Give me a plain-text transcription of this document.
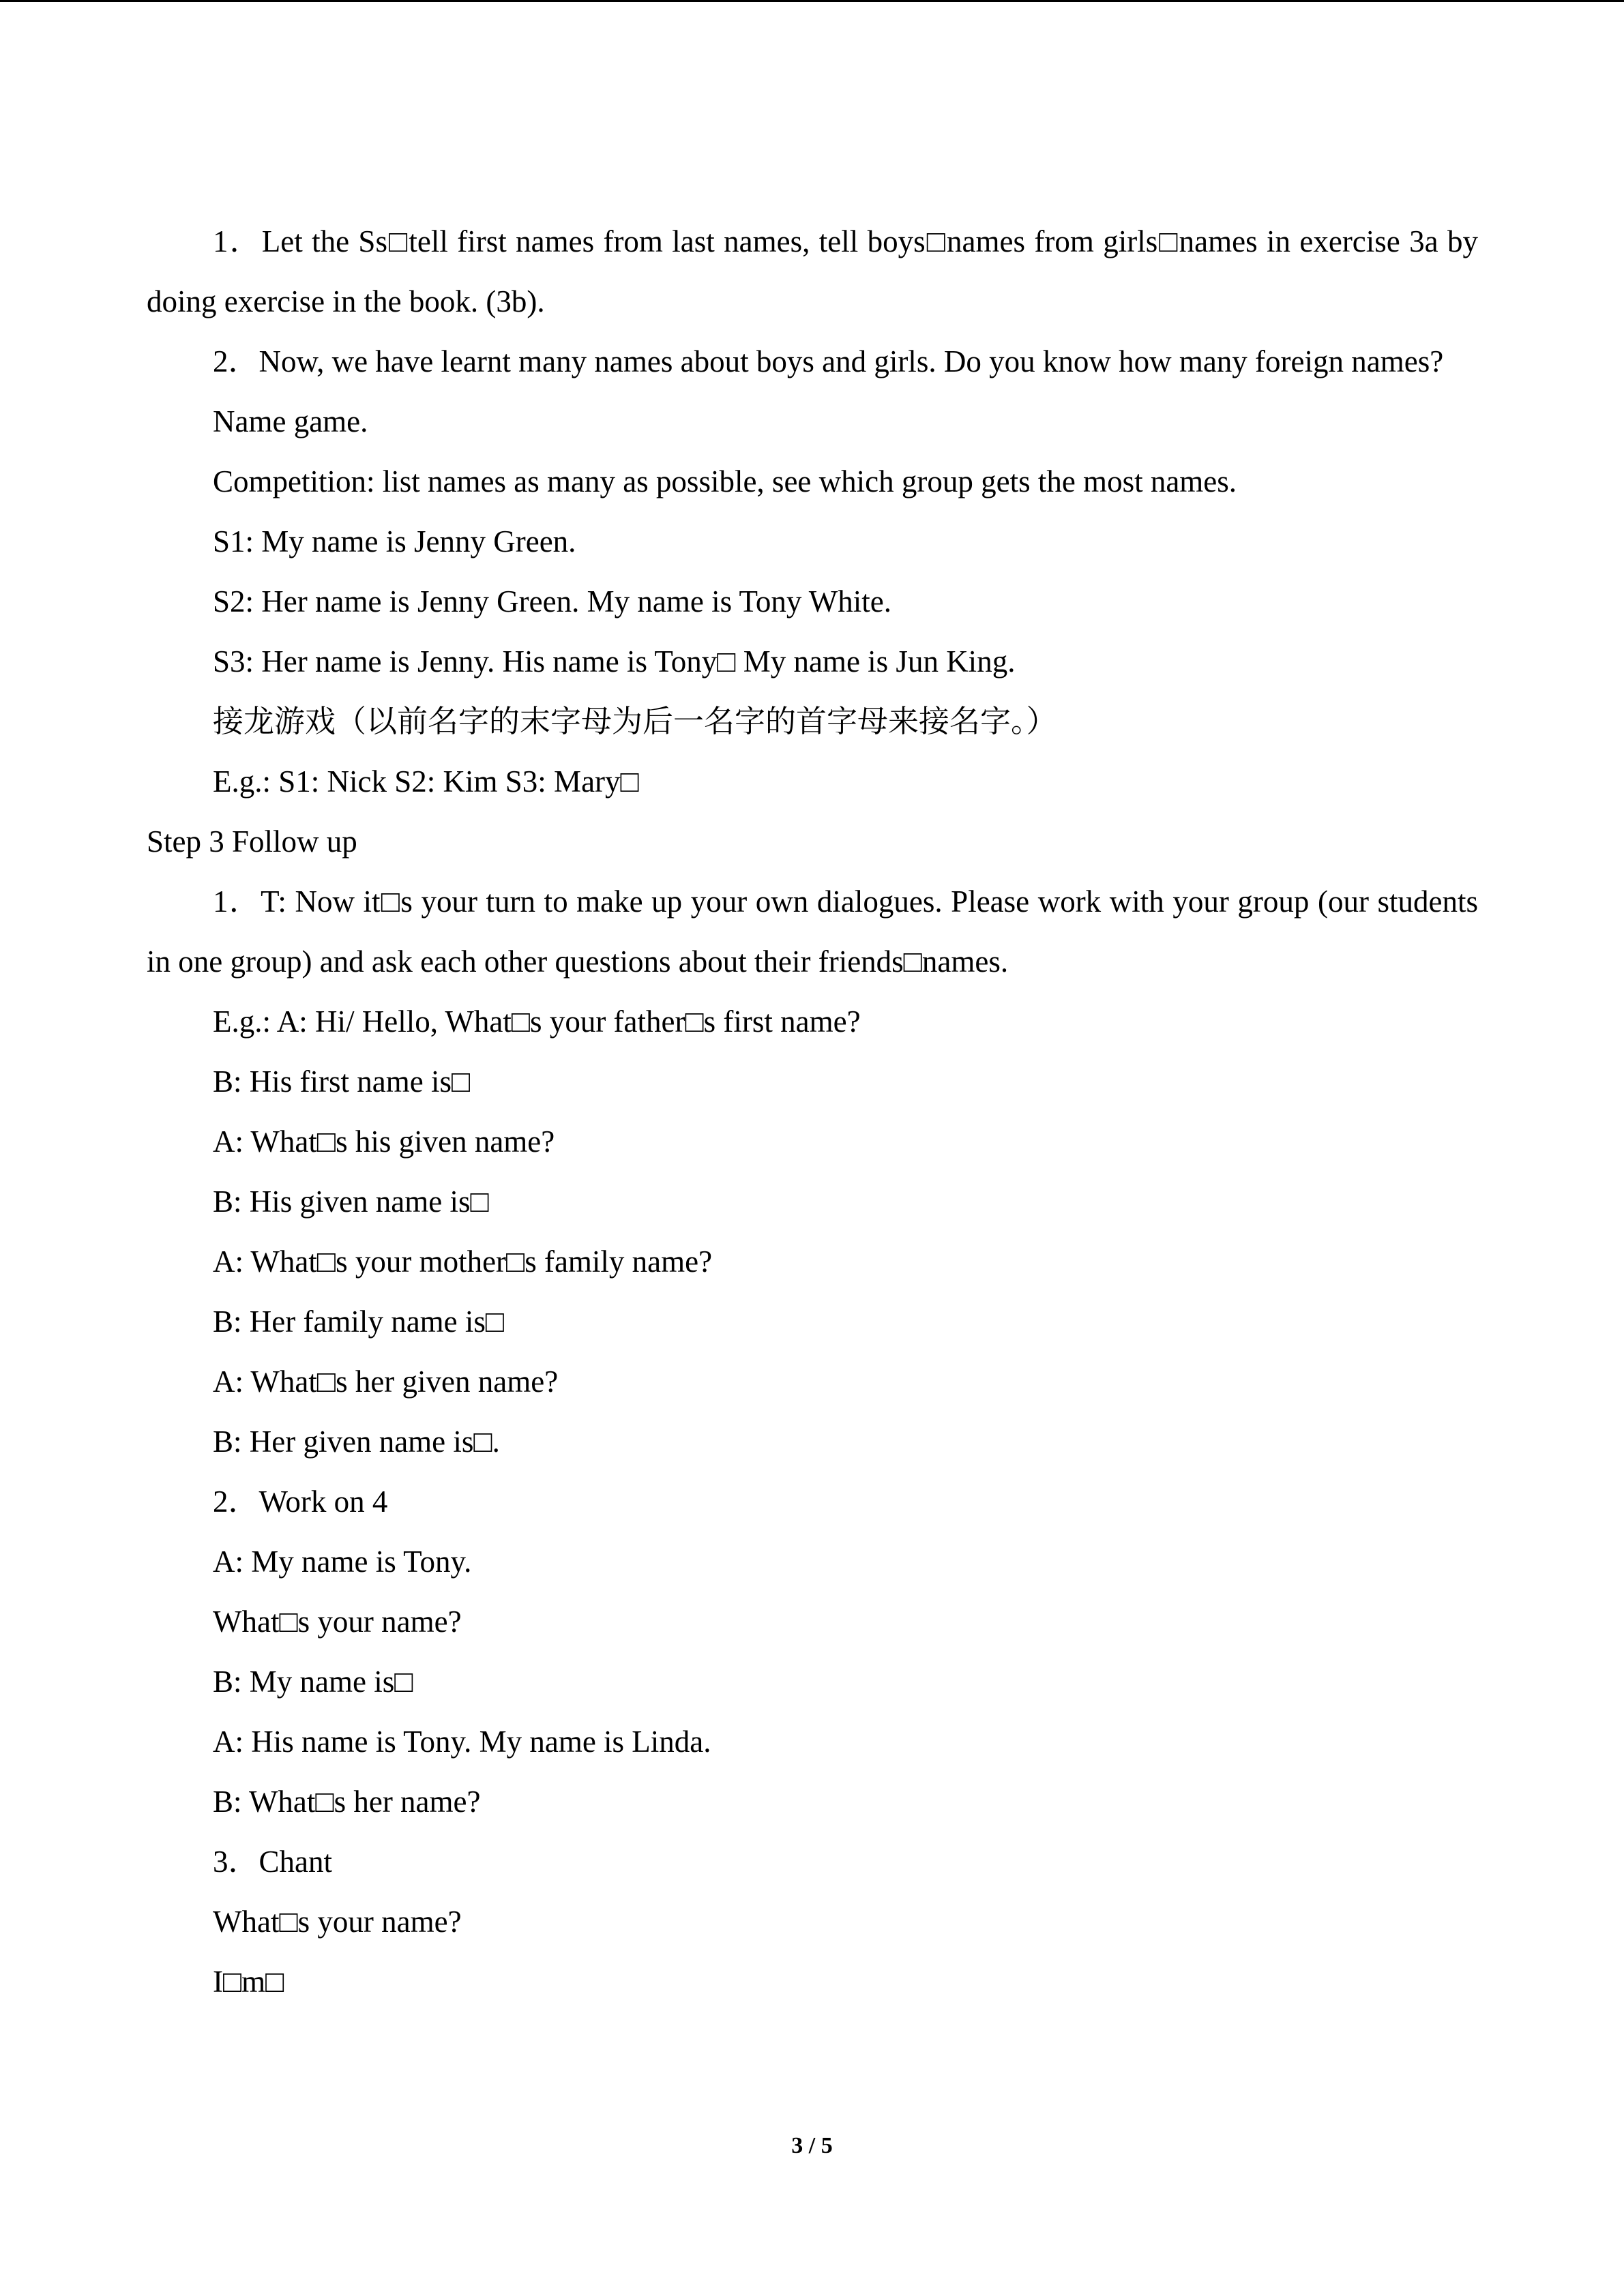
1．Let the Ss□tell first names from last names, tell boys□names from girls□names in exercise 3a by doing exercise in the book. (3b).

2．Now, we have learnt many names about boys and girls. Do you know how many foreign names?

Name game.

Competition: list names as many as possible, see which group gets the most names.

S1: My name is Jenny Green.

S2: Her name is Jenny Green. My name is Tony White.

S3: Her name is Jenny. His name is Tony□ My name is Jun King.

接龙游戏（以前名字的末字母为后一名字的首字母来接名字。）

E.g.: S1: Nick S2: Kim S3: Mary□

Step 3 Follow up

1．T: Now it□s your turn to make up your own dialogues. Please work with your group (our students in one group) and ask each other questions about their friends□names.

E.g.: A: Hi/ Hello, What□s your father□s first name?

B: His first name is□

A: What□s his given name?

B: His given name is□

A: What□s your mother□s family name?

B: Her family name is□

A: What□s her given name?

B: Her given name is□.

2．Work on 4

A: My name is Tony.

What□s your name?

B: My name is□

A: His name is Tony. My name is Linda.

B: What□s her name?

3．Chant

What□s your name?

I□m□

3 / 5
